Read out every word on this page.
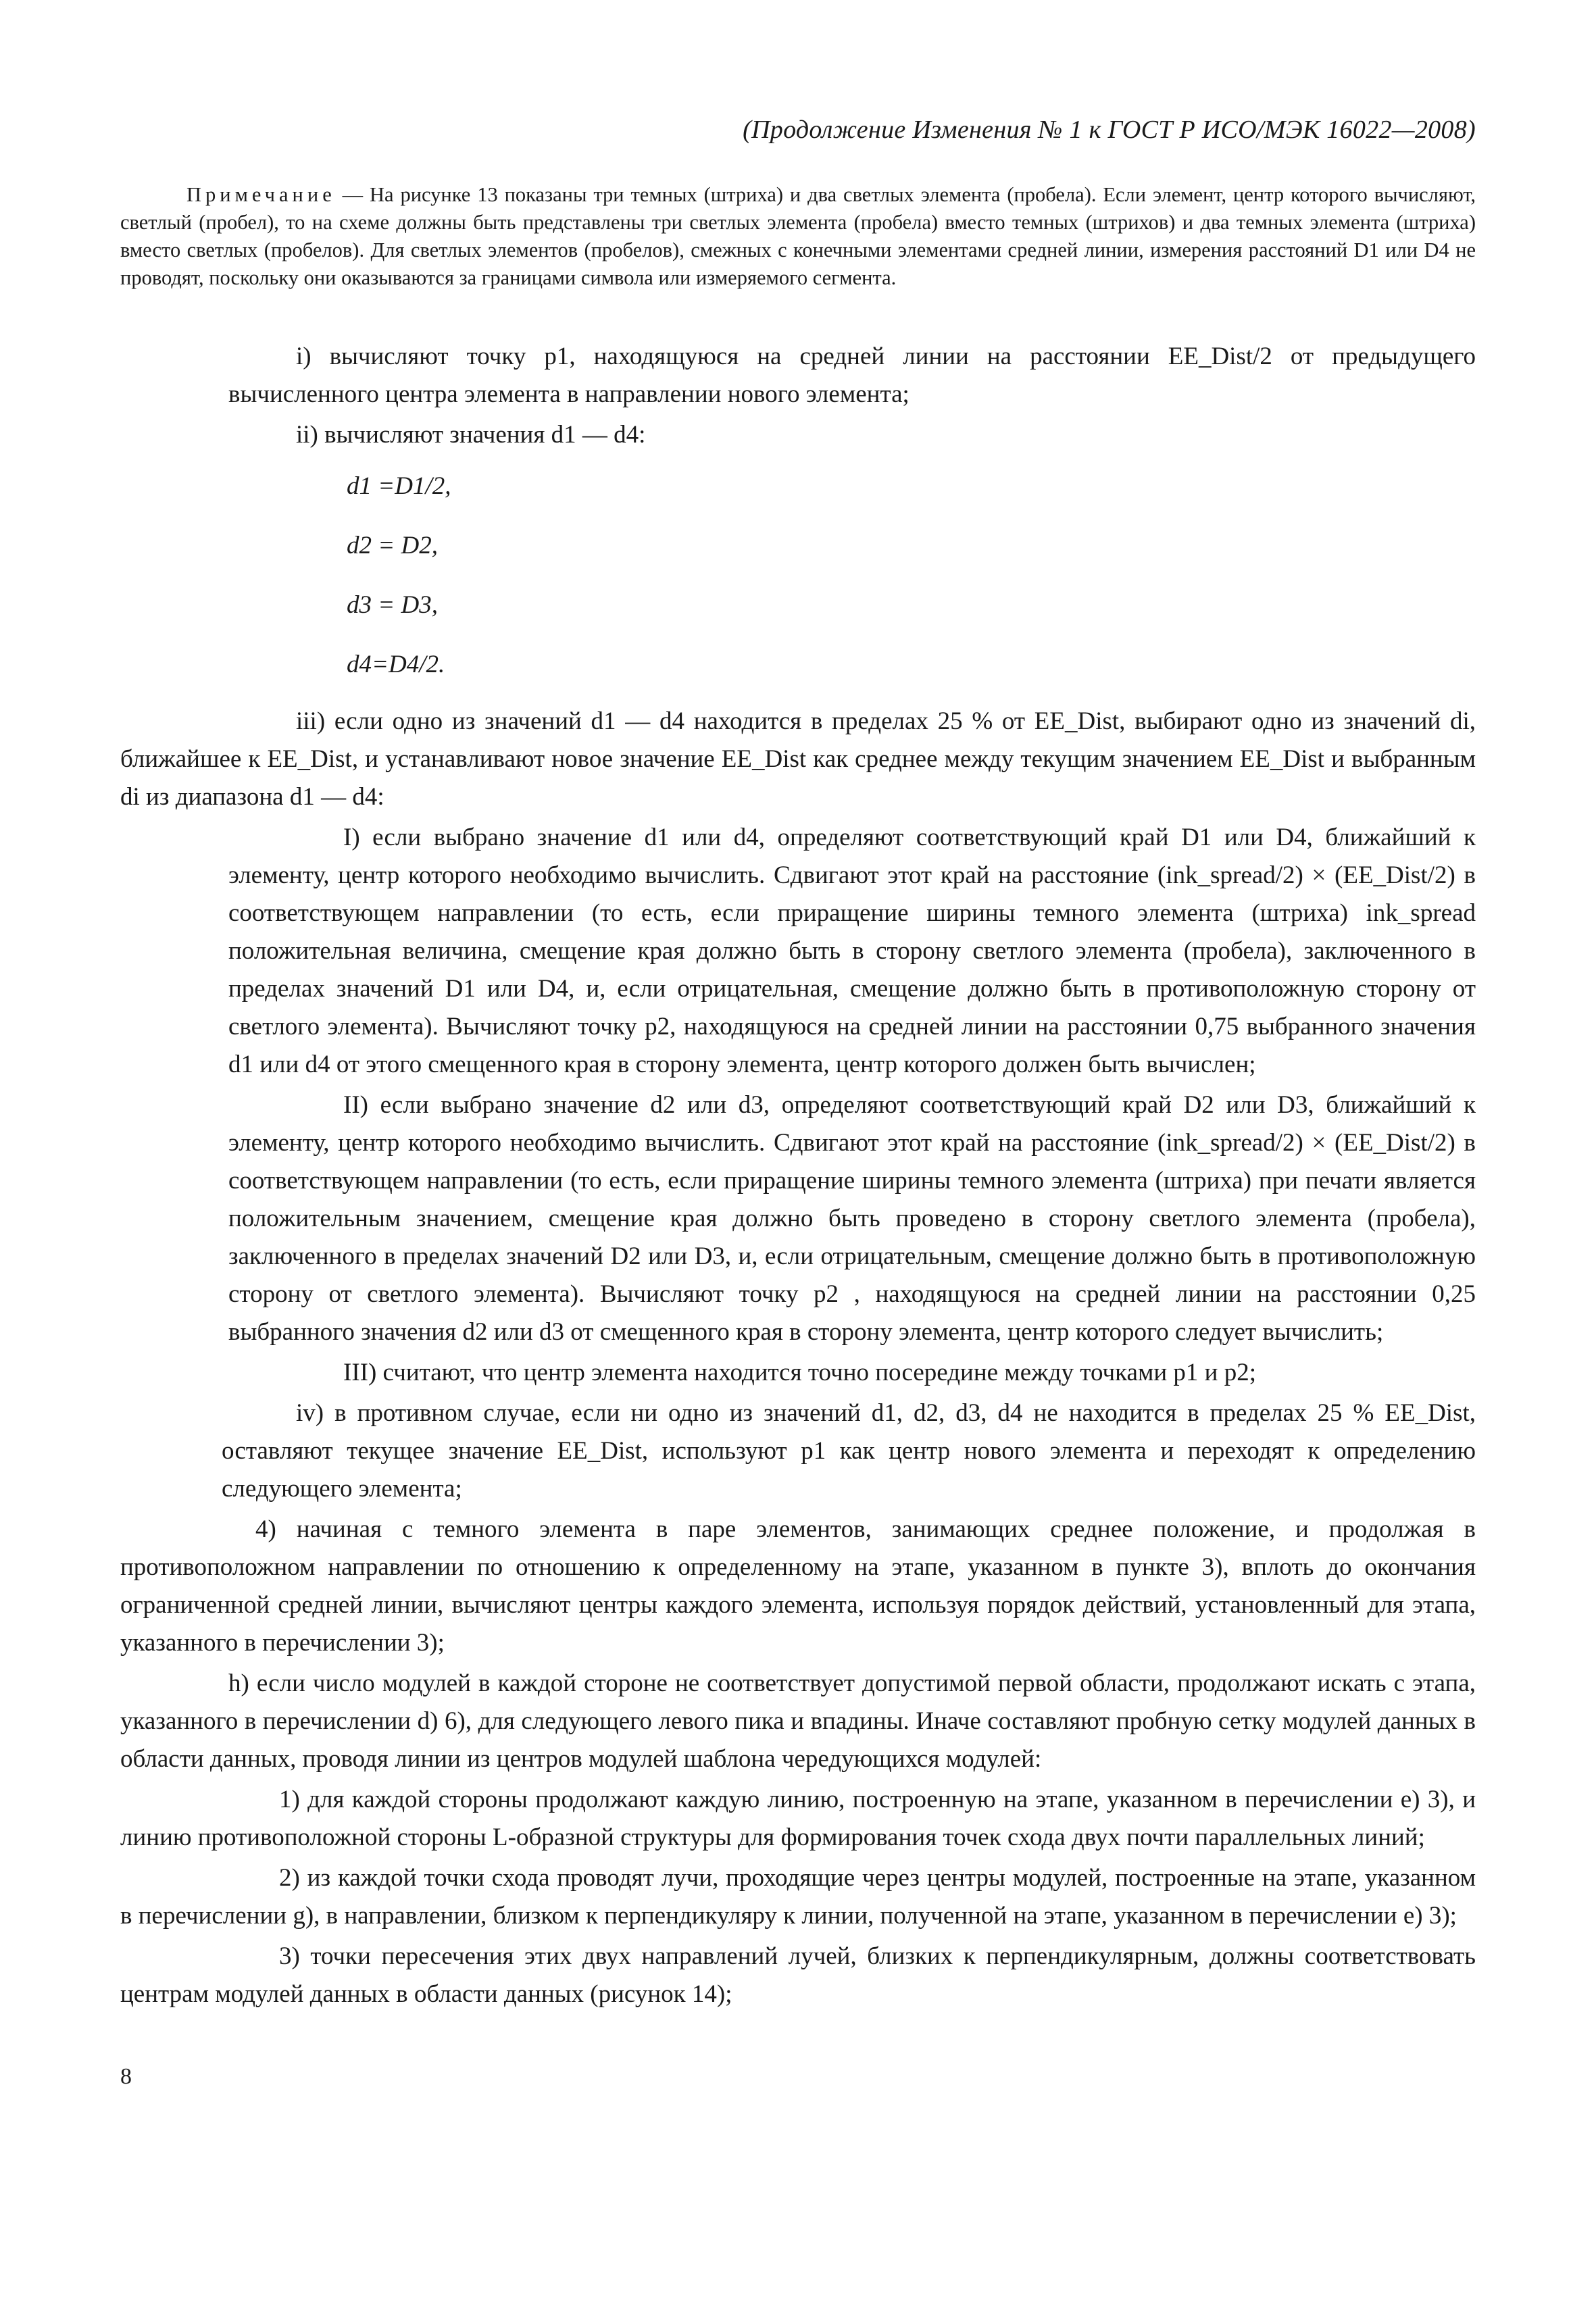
(Продолжение Изменения № 1 к ГОСТ Р ИСО/МЭК 16022—2008)

Примечание — На рисунке 13 показаны три темных (штриха) и два светлых элемента (пробела). Если элемент, центр которого вычисляют, светлый (пробел), то на схеме должны быть представлены три светлых элемента (пробела) вместо темных (штрихов) и два темных элемента (штриха) вместо светлых (пробелов). Для светлых элементов (пробелов), смежных с конечными элементами средней линии, измерения расстояний D1 или D4 не проводят, поскольку они оказываются за границами символа или измеряемого сегмента.

i) вычисляют точку p1, находящуюся на средней линии на расстоянии EE_Dist/2 от предыдущего вычисленного центра элемента в направлении нового элемента;

ii) вычисляют значения d1 — d4:

d1 =D1/2,

d2 = D2,

d3 = D3,

d4=D4/2.

iii) если одно из значений d1 — d4 находится в пределах 25 % от EE_Dist, выбирают одно из значений di, ближайшее к EE_Dist, и устанавливают новое значение EE_Dist как среднее между текущим значением EE_Dist и выбранным di из диапазона d1 — d4:

I) если выбрано значение d1 или d4, определяют соответствующий край D1 или D4, ближайший к элементу, центр которого необходимо вычислить. Сдвигают этот край на расстояние (ink_spread/2) × (EE_Dist/2) в соответствующем направлении (то есть, если приращение ширины темного элемента (штриха) ink_spread положительная величина, смещение края должно быть в сторону светлого элемента (пробела), заключенного в пределах значений D1 или D4, и, если отрицательная, смещение должно быть в противоположную сторону от светлого элемента). Вычисляют точку p2, находящуюся на средней линии на расстоянии 0,75 выбранного значения d1 или d4 от этого смещенного края в сторону элемента, центр которого должен быть вычислен;

II) если выбрано значение d2 или d3, определяют соответствующий край D2 или D3, ближайший к элементу, центр которого необходимо вычислить. Сдвигают этот край на расстояние (ink_spread/2) × (EE_Dist/2) в соответствующем направлении (то есть, если приращение ширины темного элемента (штриха) при печати является положительным значением, смещение края должно быть проведено в сторону светлого элемента (пробела), заключенного в пределах значений D2 или D3, и, если отрицательным, смещение должно быть в противоположную сторону от светлого элемента). Вычисляют точку p2 , находящуюся на средней линии на расстоянии 0,25 выбранного значения d2 или d3 от смещенного края в сторону элемента, центр которого следует вычислить;

III) считают, что центр элемента находится точно посередине между точками p1 и p2;

iv) в противном случае, если ни одно из значений d1, d2, d3, d4 не находится в пределах 25 % EE_Dist, оставляют текущее значение EE_Dist, используют p1 как центр нового элемента и переходят к определению следующего элемента;

4) начиная с темного элемента в паре элементов, занимающих среднее положение, и продолжая в противоположном направлении по отношению к определенному на этапе, указанном в пункте 3), вплоть до окончания ограниченной средней линии, вычисляют центры каждого элемента, используя порядок действий, установленный для этапа, указанного в перечислении 3);

h) если число модулей в каждой стороне не соответствует допустимой первой области, продолжают искать с этапа, указанного в перечислении d) 6), для следующего левого пика и впадины. Иначе составляют пробную сетку модулей данных в области данных, проводя линии из центров модулей шаблона чередующихся модулей:

1) для каждой стороны продолжают каждую линию, построенную на этапе, указанном в перечислении е) 3), и линию противоположной стороны L-образной структуры для формирования точек схода двух почти параллельных линий;

2) из каждой точки схода проводят лучи, проходящие через центры модулей, построенные на этапе, указанном в перечислении g), в направлении, близком к перпендикуляру к линии, полученной на этапе, указанном в перечислении е) 3);

3) точки пересечения этих двух направлений лучей, близких к перпендикулярным, должны соответствовать центрам модулей данных в области данных (рисунок 14);

8
